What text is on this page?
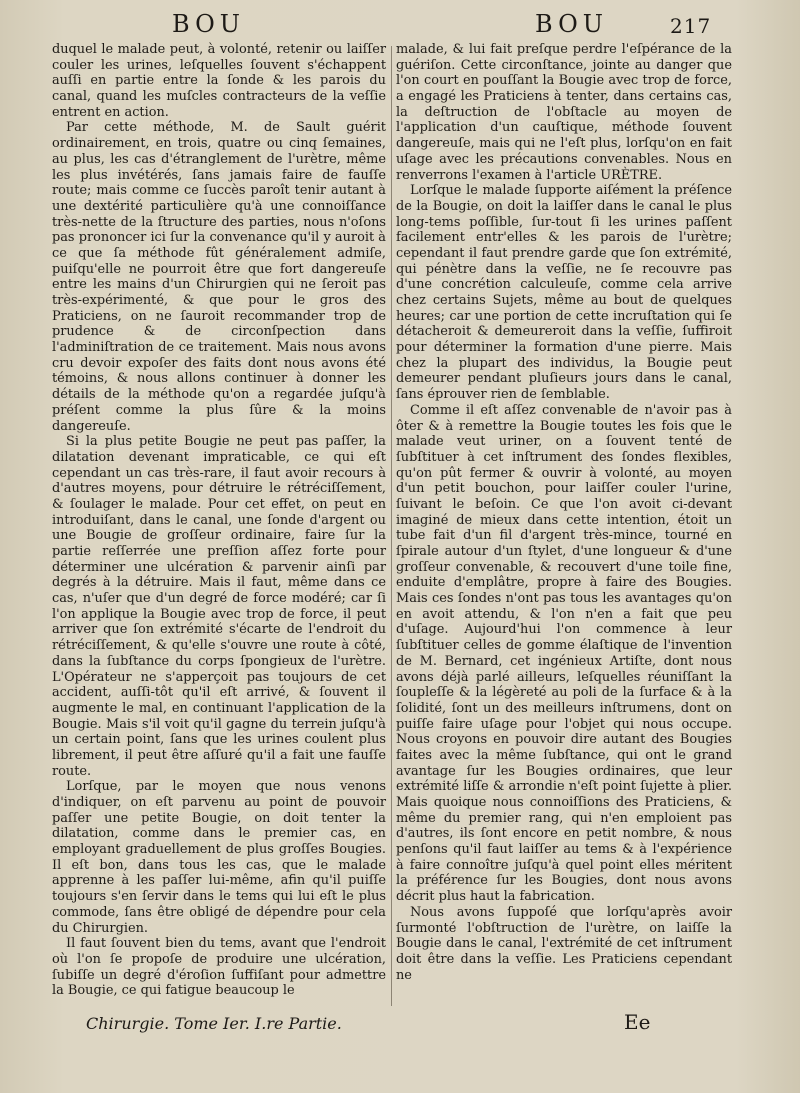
BOU	BOU	217

duquel le malade peut, à volonté, retenir ou laiſſer couler les urines, leſquelles ſouvent s'échappent auſſi en partie entre la ſonde & les parois du canal, quand les muſcles contracteurs de la veſſie entrent en action.

Par cette méthode, M. de Sault guérit ordinairement, en trois, quatre ou cinq ſemaines, au plus, les cas d'étranglement de l'urètre, même les plus invétérés, ſans jamais faire de fauſſe route; mais comme ce ſuccès paroît tenir autant à une dextérité particulière qu'à une connoiſſance très-nette de la ſtructure des parties, nous n'oſons pas prononcer ici ſur la convenance qu'il y auroit à ce que ſa méthode fût généralement admiſe, puiſqu'elle ne pourroit être que fort dangereuſe entre les mains d'un Chirurgien qui ne ſeroit pas très-expérimenté, & que pour le gros des Praticiens, on ne ſauroit recommander trop de prudence & de circonſpection dans l'adminiſtration de ce traitement. Mais nous avons cru devoir expoſer des faits dont nous avons été témoins, & nous allons continuer à donner les détails de la méthode qu'on a regardée juſqu'à préſent comme la plus ſûre & la moins dangereuſe.

Si la plus petite Bougie ne peut pas paſſer, la dilatation devenant impraticable, ce qui eſt cependant un cas très-rare, il faut avoir recours à d'autres moyens, pour détruire le rétréciſſement, & ſoulager le malade. Pour cet effet, on peut en introduiſant, dans le canal, une ſonde d'argent ou une Bougie de groſſeur ordinaire, faire ſur la partie reſſerrée une preſſion aſſez forte pour déterminer une ulcération & parvenir ainſi par degrés à la détruire. Mais il faut, même dans ce cas, n'uſer que d'un degré de force modéré; car ſi l'on applique la Bougie avec trop de force, il peut arriver que ſon extrémité s'écarte de l'endroit du rétréciſſement, & qu'elle s'ouvre une route à côté, dans la ſubſtance du corps ſpongieux de l'urètre. L'Opérateur ne s'apperçoit pas toujours de cet accident, auſſi-tôt qu'il eſt arrivé, & ſouvent il augmente le mal, en continuant l'application de la Bougie. Mais s'il voit qu'il gagne du terrein juſqu'à un certain point, ſans que les urines coulent plus librement, il peut être aſſuré qu'il a fait une fauſſe route.

Lorſque, par le moyen que nous venons d'indiquer, on eſt parvenu au point de pouvoir paſſer une petite Bougie, on doit tenter la dilatation, comme dans le premier cas, en employant graduellement de plus groſſes Bougies. Il eſt bon, dans tous les cas, que le malade apprenne à les paſſer lui-même, afin qu'il puiſſe toujours s'en ſervir dans le tems qui lui eſt le plus commode, ſans être obligé de dépendre pour cela du Chirurgien.

Il faut ſouvent bien du tems, avant que l'endroit où l'on ſe propoſe de produire une ulcération, ſubiſſe un degré d'éroſion ſuffiſant pour admettre la Bougie, ce qui fatigue beaucoup le

malade, & lui fait preſque perdre l'eſpérance de la guériſon. Cette circonſtance, jointe au danger que l'on court en pouſſant la Bougie avec trop de force, a engagé les Praticiens à tenter, dans certains cas, la deſtruction de l'obſtacle au moyen de l'application d'un cauſtique, méthode ſouvent dangereuſe, mais qui ne l'eſt plus, lorſqu'on en fait uſage avec les précautions convenables. Nous en renverrons l'examen à l'article URÈTRE.

Lorſque le malade ſupporte aiſément la préſence de la Bougie, on doit la laiſſer dans le canal le plus long-tems poſſible, ſur-tout ſi les urines paſſent facilement entr'elles & les parois de l'urètre; cependant il faut prendre garde que ſon extrémité, qui pénètre dans la veſſie, ne ſe recouvre pas d'une concrétion calculeuſe, comme cela arrive chez certains Sujets, même au bout de quelques heures; car une portion de cette incruſtation qui ſe détacheroit & demeureroit dans la veſſie, ſuffiroit pour déterminer la formation d'une pierre. Mais chez la plupart des individus, la Bougie peut demeurer pendant pluſieurs jours dans le canal, ſans éprouver rien de ſemblable.

Comme il eſt aſſez convenable de n'avoir pas à ôter & à remettre la Bougie toutes les fois que le malade veut uriner, on a ſouvent tenté de ſubſtituer à cet inſtrument des ſondes flexibles, qu'on pût fermer & ouvrir à volonté, au moyen d'un petit bouchon, pour laiſſer couler l'urine, ſuivant le beſoin. Ce que l'on avoit ci-devant imaginé de mieux dans cette intention, étoit un tube fait d'un fil d'argent très-mince, tourné en ſpirale autour d'un ſtylet, d'une longueur & d'une groſſeur convenable, & recouvert d'une toile fine, enduite d'emplâtre, propre à faire des Bougies. Mais ces ſondes n'ont pas tous les avantages qu'on en avoit attendu, & l'on n'en a fait que peu d'uſage. Aujourd'hui l'on commence à leur ſubſtituer celles de gomme élaſtique de l'invention de M. Bernard, cet ingénieux Artiſte, dont nous avons déjà parlé ailleurs, leſquelles réuniſſant la ſoupleſſe & la légèreté au poli de la ſurface & à la ſolidité, ſont un des meilleurs inſtrumens, dont on puiſſe faire uſage pour l'objet qui nous occupe. Nous croyons en pouvoir dire autant des Bougies faites avec la même ſubſtance, qui ont le grand avantage ſur les Bougies ordinaires, que leur extrémité liſſe & arrondie n'eſt point ſujette à plier. Mais quoique nous connoiſſions des Praticiens, & même du premier rang, qui n'en emploient pas d'autres, ils ſont encore en petit nombre, & nous penſons qu'il faut laiſſer au tems & à l'expérience à faire connoître juſqu'à quel point elles méritent la préférence ſur les Bougies, dont nous avons décrit plus haut la fabrication.

Nous avons ſuppoſé que lorſqu'après avoir ſurmonté l'obſtruction de l'urètre, on laiſſe la Bougie dans le canal, l'extrémité de cet inſtrument doit être dans la veſſie. Les Praticiens cependant ne

Chirurgie. Tome Ier. I.re Partie.	Ee
